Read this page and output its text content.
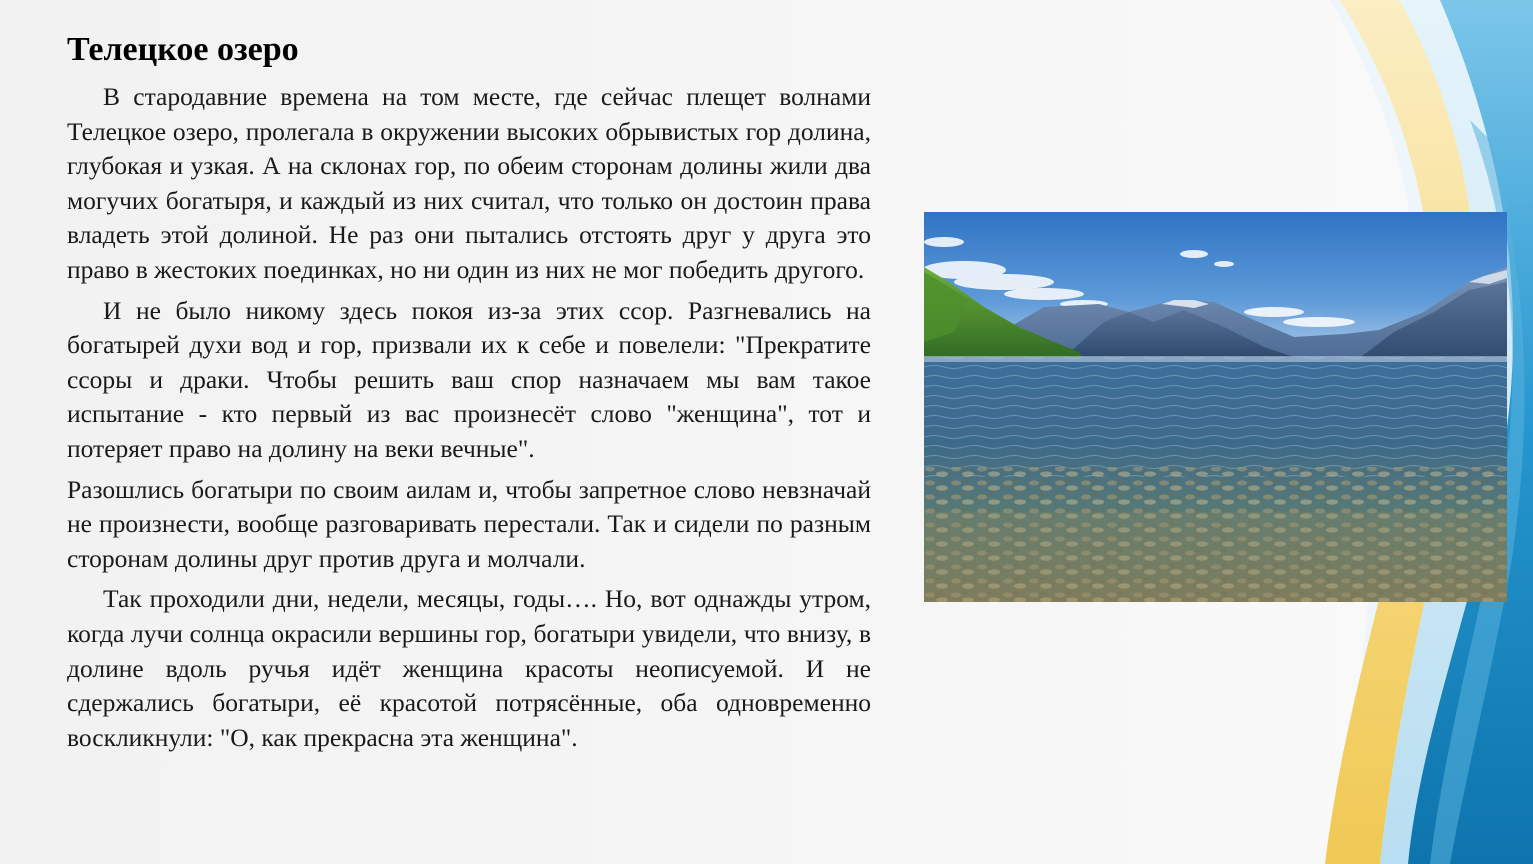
Телецкое озеро

В стародавние времена на том месте, где сейчас плещет волнами Телецкое озеро, пролегала в окружении высоких обрывистых гор долина, глубокая и узкая. А на склонах гор, по обеим сторонам долины жили два могучих богатыря, и каждый из них считал, что только он достоин права владеть этой долиной. Не раз они пытались отстоять друг у друга это право в жестоких поединках, но ни один из них не мог победить другого.

И не было никому здесь покоя из-за этих ссор. Разгневались на богатырей духи вод и гор, призвали их к себе и повелели: "Прекратите ссоры и драки. Чтобы решить ваш спор назначаем мы вам такое испытание - кто первый из вас произнесёт слово "женщина", тот и потеряет право на долину на веки вечные".

Разошлись богатыри по своим аилам и, чтобы запретное слово невзначай не произнести, вообще разговаривать перестали. Так и сидели по разным сторонам долины друг против друга и молчали.

Так проходили дни, недели, месяцы, годы…. Но, вот однажды утром, когда лучи солнца окрасили вершины гор, богатыри увидели, что внизу, в долине вдоль ручья идёт женщина красоты неописуемой. И не сдержались богатыри, её красотой потрясённые, оба одновременно воскликнули: "О, как прекрасна эта женщина".
